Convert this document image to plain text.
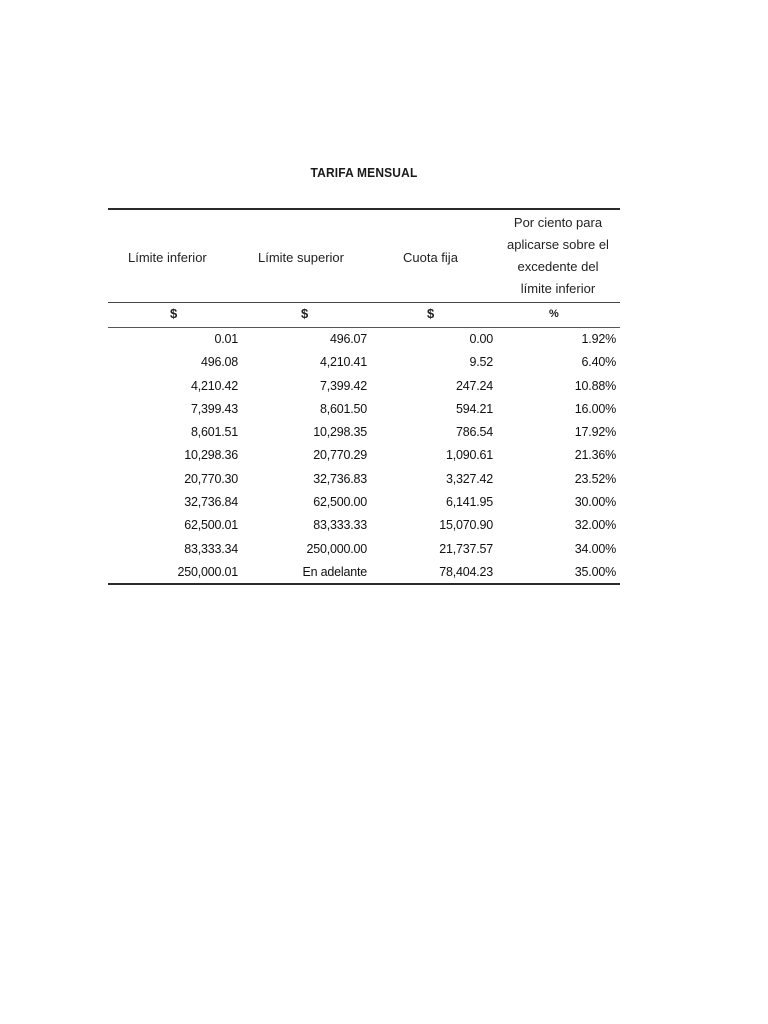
TARIFA MENSUAL
Límite inferior	Límite superior	Cuota fija
Por ciento para
aplicarse sobre el
excedente del
límite inferior
$	$	$	%
0.01	496.07	0.00	1.92%
496.08	4,210.41	9.52	6.40%
4,210.42	7,399.42	247.24	10.88%
7,399.43	8,601.50	594.21	16.00%
8,601.51	10,298.35	786.54	17.92%
10,298.36	20,770.29	1,090.61	21.36%
20,770.30	32,736.83	3,327.42	23.52%
32,736.84	62,500.00	6,141.95	30.00%
62,500.01	83,333.33	15,070.90	32.00%
83,333.34	250,000.00	21,737.57	34.00%
250,000.01	En adelante	78,404.23	35.00%
